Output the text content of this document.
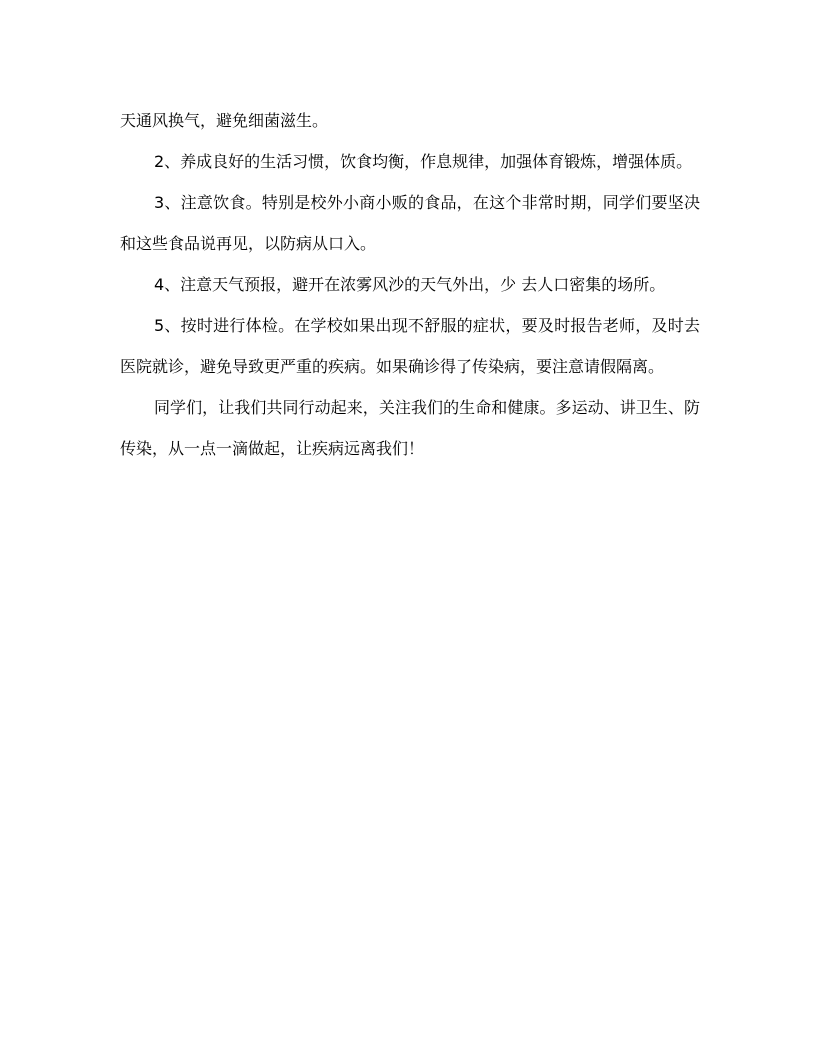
天通风换气，避免细菌滋生。

2、养成良好的生活习惯，饮食均衡，作息规律，加强体育锻炼，增强体质。

3、注意饮食。特别是校外小商小贩的食品，在这个非常时期，同学们要坚决和这些食品说再见，以防病从口入。

4、注意天气预报，避开在浓雾风沙的天气外出，少 去人口密集的场所。

5、按时进行体检。在学校如果出现不舒服的症状，要及时报告老师，及时去医院就诊，避免导致更严重的疾病。如果确诊得了传染病，要注意请假隔离。

同学们，让我们共同行动起来，关注我们的生命和健康。多运动、讲卫生、防传染，从一点一滴做起，让疾病远离我们！
